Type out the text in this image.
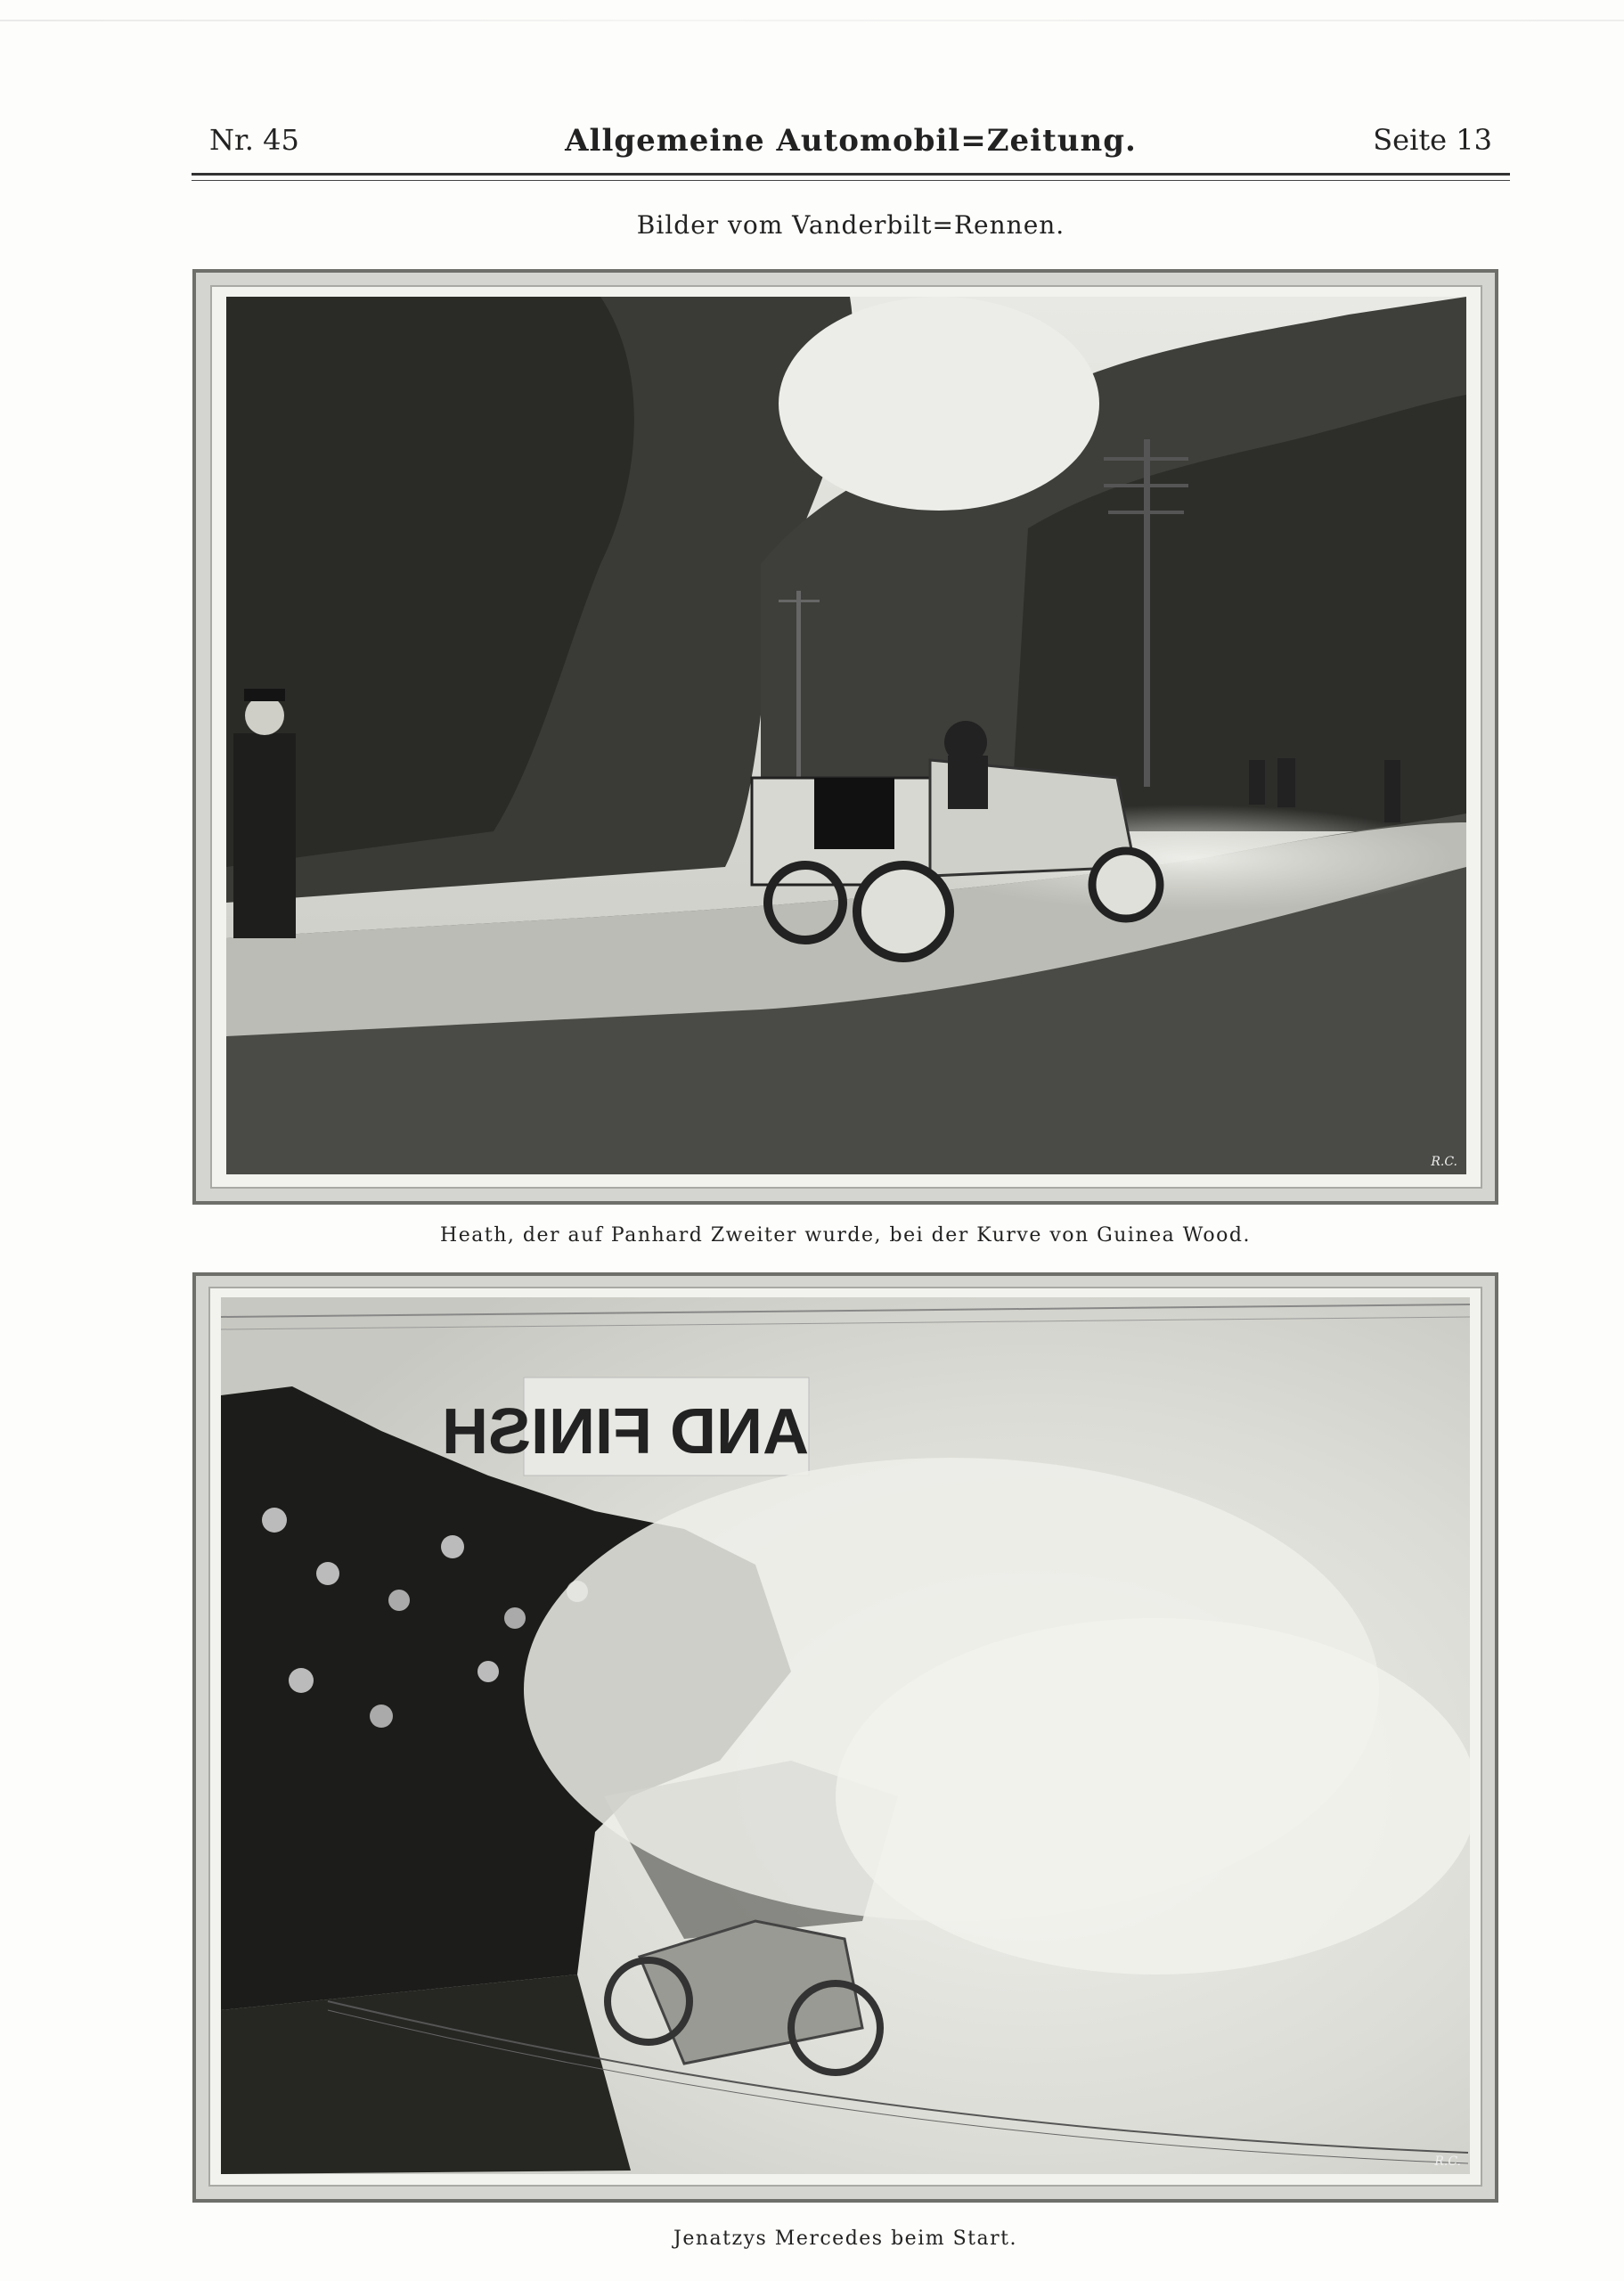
Nr. 45	Allgemeine Automobil=Zeitung.	Seite 13
Bilder vom Vanderbilt=Rennen.
R.C.
Heath, der auf Panhard Zweiter wurde, bei der Kurve von Guinea Wood.
AND FINISH
R.C.
Jenatzys Mercedes beim Start.
